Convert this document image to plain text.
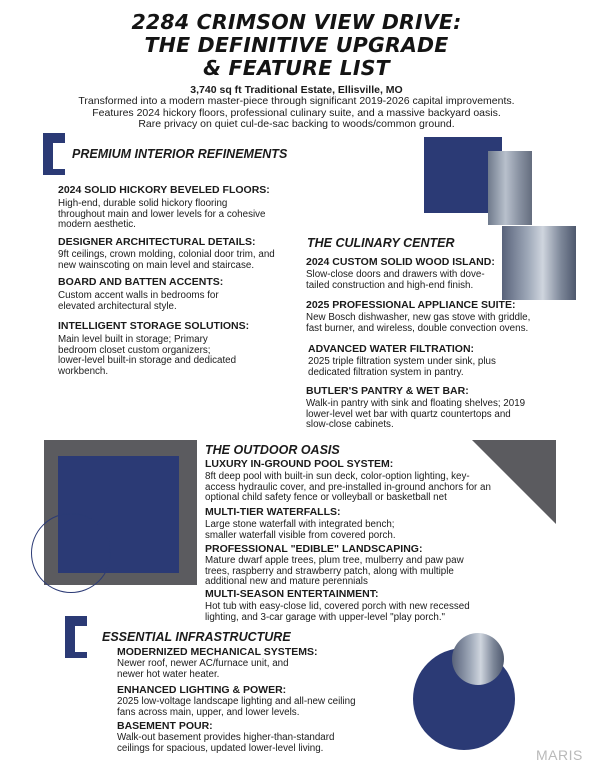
2284 CRIMSON VIEW DRIVE:
THE DEFINITIVE UPGRADE
& FEATURE LIST
3,740 sq ft Traditional Estate, Ellisville, MO
Transformed into a modern master-piece through significant 2019-2026 capital improvements.
Features 2024 hickory floors, professional culinary suite, and a massive backyard oasis.
Rare privacy on quiet cul-de-sac backing to woods/common ground.
PREMIUM INTERIOR REFINEMENTS
2024 SOLID HICKORY BEVELED FLOORS:
High-end, durable solid hickory flooring
throughout main and lower levels for a cohesive
modern aesthetic.
DESIGNER ARCHITECTURAL DETAILS:
9ft ceilings, crown molding, colonial door trim, and
new wainscoting on main level and staircase.
BOARD AND BATTEN ACCENTS:
Custom accent walls in bedrooms for
elevated architectural style.
INTELLIGENT STORAGE SOLUTIONS:
Main level built in storage; Primary
bedroom closet custom organizers;
lower-level built-in storage and dedicated
workbench.
THE CULINARY CENTER
2024 CUSTOM SOLID WOOD ISLAND:
Slow-close doors and drawers with dove-
tailed construction and high-end finish.
2025 PROFESSIONAL APPLIANCE SUITE:
New Bosch dishwasher, new gas stove with griddle,
fast burner, and wireless, double convection ovens.
ADVANCED WATER FILTRATION:
2025 triple filtration system under sink, plus
dedicated filtration system in pantry.
BUTLER'S PANTRY & WET BAR:
Walk-in pantry with sink and floating shelves; 2019
lower-level wet bar with quartz countertops and
slow-close cabinets.
THE OUTDOOR OASIS
LUXURY IN-GROUND POOL SYSTEM:
8ft deep pool with built-in sun deck, color-option lighting, key-
access hydraulic cover, and pre-installed in-ground anchors for an
optional child safety fence or volleyball or basketball net
MULTI-TIER WATERFALLS:
Large stone waterfall with integrated bench;
smaller waterfall visible from covered porch.
PROFESSIONAL "EDIBLE" LANDSCAPING:
Mature dwarf apple trees, plum tree, mulberry and paw paw
trees, raspberry and strawberry patch, along with multiple
additional new and mature perennials
MULTI-SEASON ENTERTAINMENT:
Hot tub with easy-close lid, covered porch with new recessed
lighting, and 3-car garage with upper-level "play porch."
ESSENTIAL INFRASTRUCTURE
MODERNIZED MECHANICAL SYSTEMS:
Newer roof, newer AC/furnace unit, and
newer hot water heater.
ENHANCED LIGHTING & POWER:
2025 low-voltage landscape lighting and all-new ceiling
fans across main, upper, and lower levels.
BASEMENT POUR:
Walk-out basement provides higher-than-standard
ceilings for spacious, updated lower-level living.	MARIS
